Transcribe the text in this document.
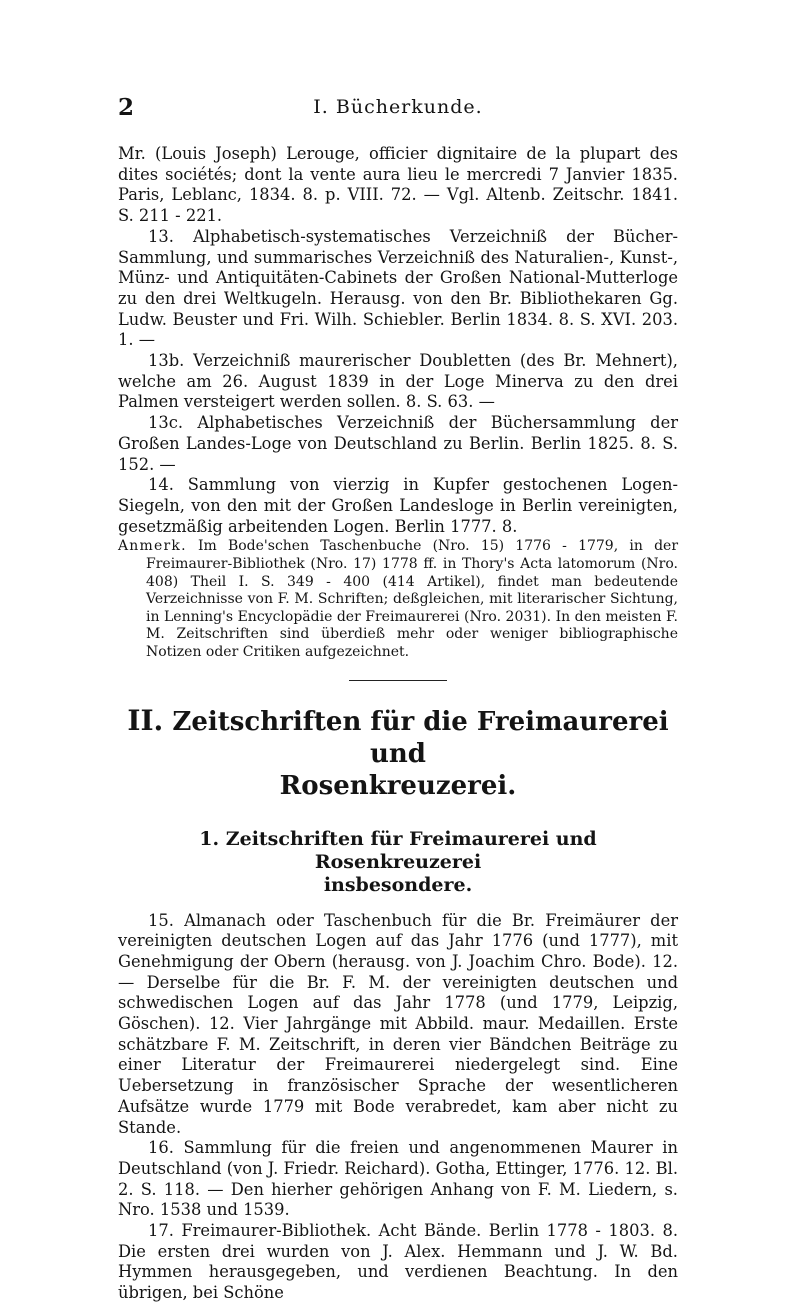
2	I. Bücherkunde.

Mr. (Louis Joseph) Lerouge, officier dignitaire de la plupart des dites sociétés; dont la vente aura lieu le mercredi 7 Janvier 1835. Paris, Leblanc, 1834. 8. p. VIII. 72. — Vgl. Altenb. Zeitschr. 1841. S. 211 - 221.

13. Alphabetisch-systematisches Verzeichniß der Bücher-Sammlung, und summarisches Verzeichniß des Naturalien-, Kunst-, Münz- und Antiquitäten-Cabinets der Großen National-Mutterloge zu den drei Weltkugeln. Herausg. von den Br. Bibliothekaren Gg. Ludw. Beuster und Fri. Wilh. Schiebler. Berlin 1834. 8. S. XVI. 203. 1. —

13b. Verzeichniß maurerischer Doubletten (des Br. Mehnert), welche am 26. August 1839 in der Loge Minerva zu den drei Palmen versteigert werden sollen. 8. S. 63. —

13c. Alphabetisches Verzeichniß der Büchersammlung der Großen Landes-Loge von Deutschland zu Berlin. Berlin 1825. 8. S. 152. —

14. Sammlung von vierzig in Kupfer gestochenen Logen-Siegeln, von den mit der Großen Landesloge in Berlin vereinigten, gesetzmäßig arbeitenden Logen. Berlin 1777. 8.

Anmerk. Im Bode'schen Taschenbuche (Nro. 15) 1776 - 1779, in der Freimaurer-Bibliothek (Nro. 17) 1778 ff. in Thory's Acta latomorum (Nro. 408) Theil I. S. 349 - 400 (414 Artikel), findet man bedeutende Verzeichnisse von F. M. Schriften; deßgleichen, mit literarischer Sichtung, in Lenning's Encyclopädie der Freimaurerei (Nro. 2031). In den meisten F. M. Zeitschriften sind überdieß mehr oder weniger bibliographische Notizen oder Critiken aufgezeichnet.

II. Zeitschriften für die Freimaurerei und
Rosenkreuzerei.
1. Zeitschriften für Freimaurerei und Rosenkreuzerei
insbesondere.

15. Almanach oder Taschenbuch für die Br. Freimäurer der vereinigten deutschen Logen auf das Jahr 1776 (und 1777), mit Genehmigung der Obern (herausg. von J. Joachim Chro. Bode). 12. — Derselbe für die Br. F. M. der vereinigten deutschen und schwedischen Logen auf das Jahr 1778 (und 1779, Leipzig, Göschen). 12. Vier Jahrgänge mit Abbild. maur. Medaillen. Erste schätzbare F. M. Zeitschrift, in deren vier Bändchen Beiträge zu einer Literatur der Freimaurerei niedergelegt sind. Eine Uebersetzung in französischer Sprache der wesentlicheren Aufsätze wurde 1779 mit Bode verabredet, kam aber nicht zu Stande.

16. Sammlung für die freien und angenommenen Maurer in Deutschland (von J. Friedr. Reichard). Gotha, Ettinger, 1776. 12. Bl. 2. S. 118. — Den hierher gehörigen Anhang von F. M. Liedern, s. Nro. 1538 und 1539.

17. Freimaurer-Bibliothek. Acht Bände. Berlin 1778 - 1803. 8. Die ersten drei wurden von J. Alex. Hemmann und J. W. Bd. Hymmen herausgegeben, und verdienen Beachtung. In den übrigen, bei Schöne
